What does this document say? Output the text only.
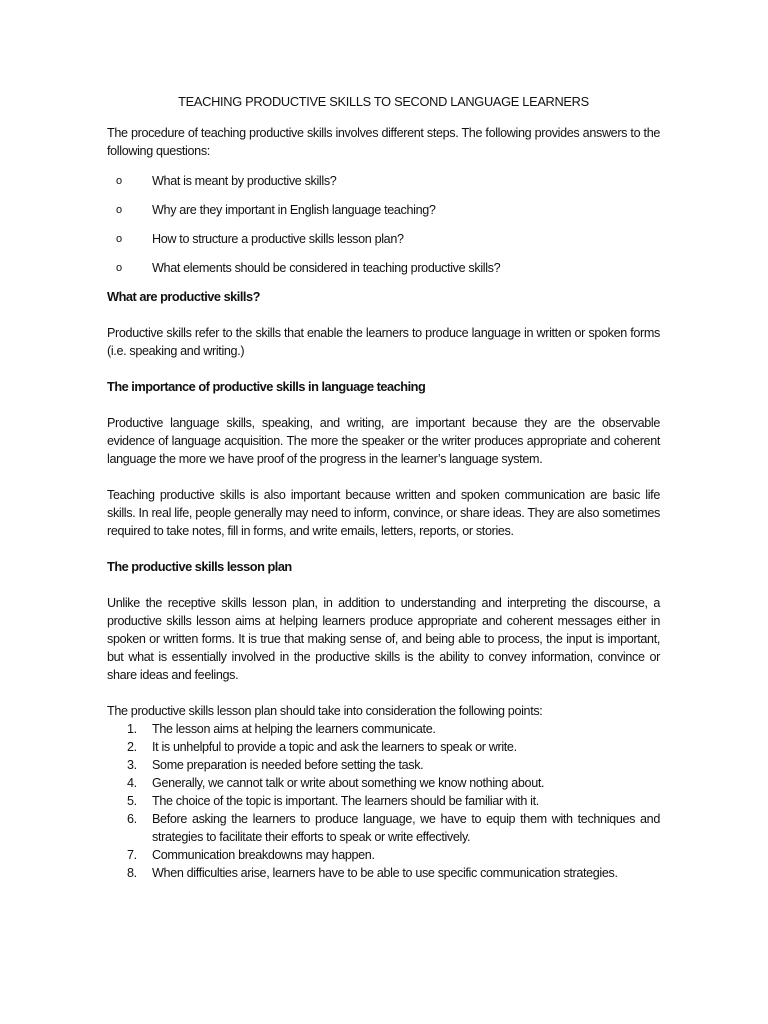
TEACHING PRODUCTIVE SKILLS TO SECOND LANGUAGE LEARNERS

The procedure of teaching productive skills involves different steps. The following provides answers to the following questions:

o What is meant by productive skills?
o Why are they important in English language teaching?
o How to structure a productive skills lesson plan?
o What elements should be considered in teaching productive skills?
What are productive skills?

Productive skills refer to the skills that enable the learners to produce language in written or spoken forms (i.e. speaking and writing.)

The importance of productive skills in language teaching

Productive language skills, speaking, and writing, are important because they are the observable evidence of language acquisition. The more the speaker or the writer produces appropriate and coherent language the more we have proof of the progress in the learner’s language system.

Teaching productive skills is also important because written and spoken communication are basic life skills. In real life, people generally may need to inform, convince, or share ideas. They are also sometimes required to take notes, fill in forms, and write emails, letters, reports, or stories.

The productive skills lesson plan

Unlike the receptive skills lesson plan, in addition to understanding and interpreting the discourse, a productive skills lesson aims at helping learners produce appropriate and coherent messages either in spoken or written forms. It is true that making sense of, and being able to process, the input is important, but what is essentially involved in the productive skills is the ability to convey information, convince or share ideas and feelings.

The productive skills lesson plan should take into consideration the following points:

1. The lesson aims at helping the learners communicate.
2. It is unhelpful to provide a topic and ask the learners to speak or write.
3. Some preparation is needed before setting the task.
4. Generally, we cannot talk or write about something we know nothing about.
5. The choice of the topic is important. The learners should be familiar with it.
6. Before asking the learners to produce language, we have to equip them with techniques and strategies to facilitate their efforts to speak or write effectively.
7. Communication breakdowns may happen.
8. When difficulties arise, learners have to be able to use specific communication strategies.
